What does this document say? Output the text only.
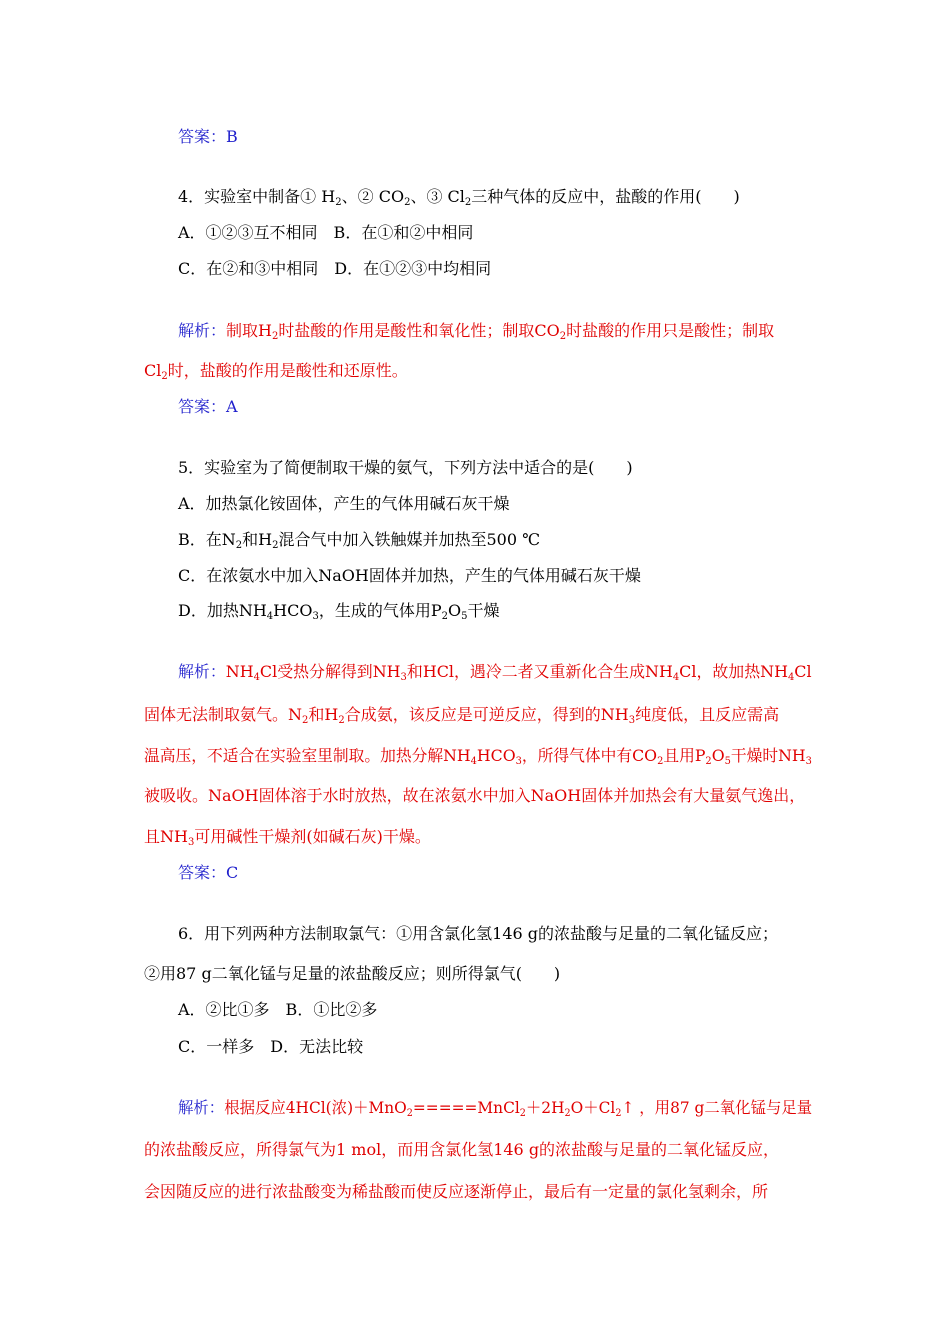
答案：B
4．实验室中制备① $H_2$、② $CO_2$、③ $Cl_2$三种气体的反应中，盐酸的作用(　　)
A．①②③互不相同　B．在①和②中相同
C．在②和③中相同　D．在①②③中均相同
解析：制取$H_2$时盐酸的作用是酸性和氧化性；制取$CO_2$时盐酸的作用只是酸性；制取
$Cl_2$时，盐酸的作用是酸性和还原性。
答案：A
5．实验室为了简便制取干燥的氨气，下列方法中适合的是(　　)
A．加热氯化铵固体，产生的气体用碱石灰干燥
B．在$N_2$和$H_2$混合气中加入铁触媒并加热至500 ℃
C．在浓氨水中加入NaOH固体并加热，产生的气体用碱石灰干燥
D．加热$NH_4HCO_3$，生成的气体用$P_2O_5$干燥
解析：$NH_4Cl$受热分解得到$NH_3$和HCl，遇冷二者又重新化合生成$NH_4Cl$，故加热$NH_4Cl$
固体无法制取氨气。$N_2$和$H_2$合成氨，该反应是可逆反应，得到的$NH_3$纯度低，且反应需高
温高压，不适合在实验室里制取。加热分解$NH_4HCO_3$，所得气体中有$CO_2$且用$P_2O_5$干燥时$NH_3$
被吸收。NaOH固体溶于水时放热，故在浓氨水中加入NaOH固体并加热会有大量氨气逸出，
且$NH_3$可用碱性干燥剂(如碱石灰)干燥。
答案：C
6．用下列两种方法制取氯气：①用含氯化氢146 g的浓盐酸与足量的二氧化锰反应；
②用87 g二氧化锰与足量的浓盐酸反应；则所得氯气(　　)
A．②比①多　B．①比②多
C．一样多　D．无法比较
解析：根据反应4HCl(浓)$+MnO_2=====MnCl_2+2H_2O+Cl_2↑$ ，用87 g二氧化锰与足量
的浓盐酸反应，所得氯气为1 mol，而用含氯化氢146 g的浓盐酸与足量的二氧化锰反应，
会因随反应的进行浓盐酸变为稀盐酸而使反应逐渐停止，最后有一定量的氯化氢剩余，所
